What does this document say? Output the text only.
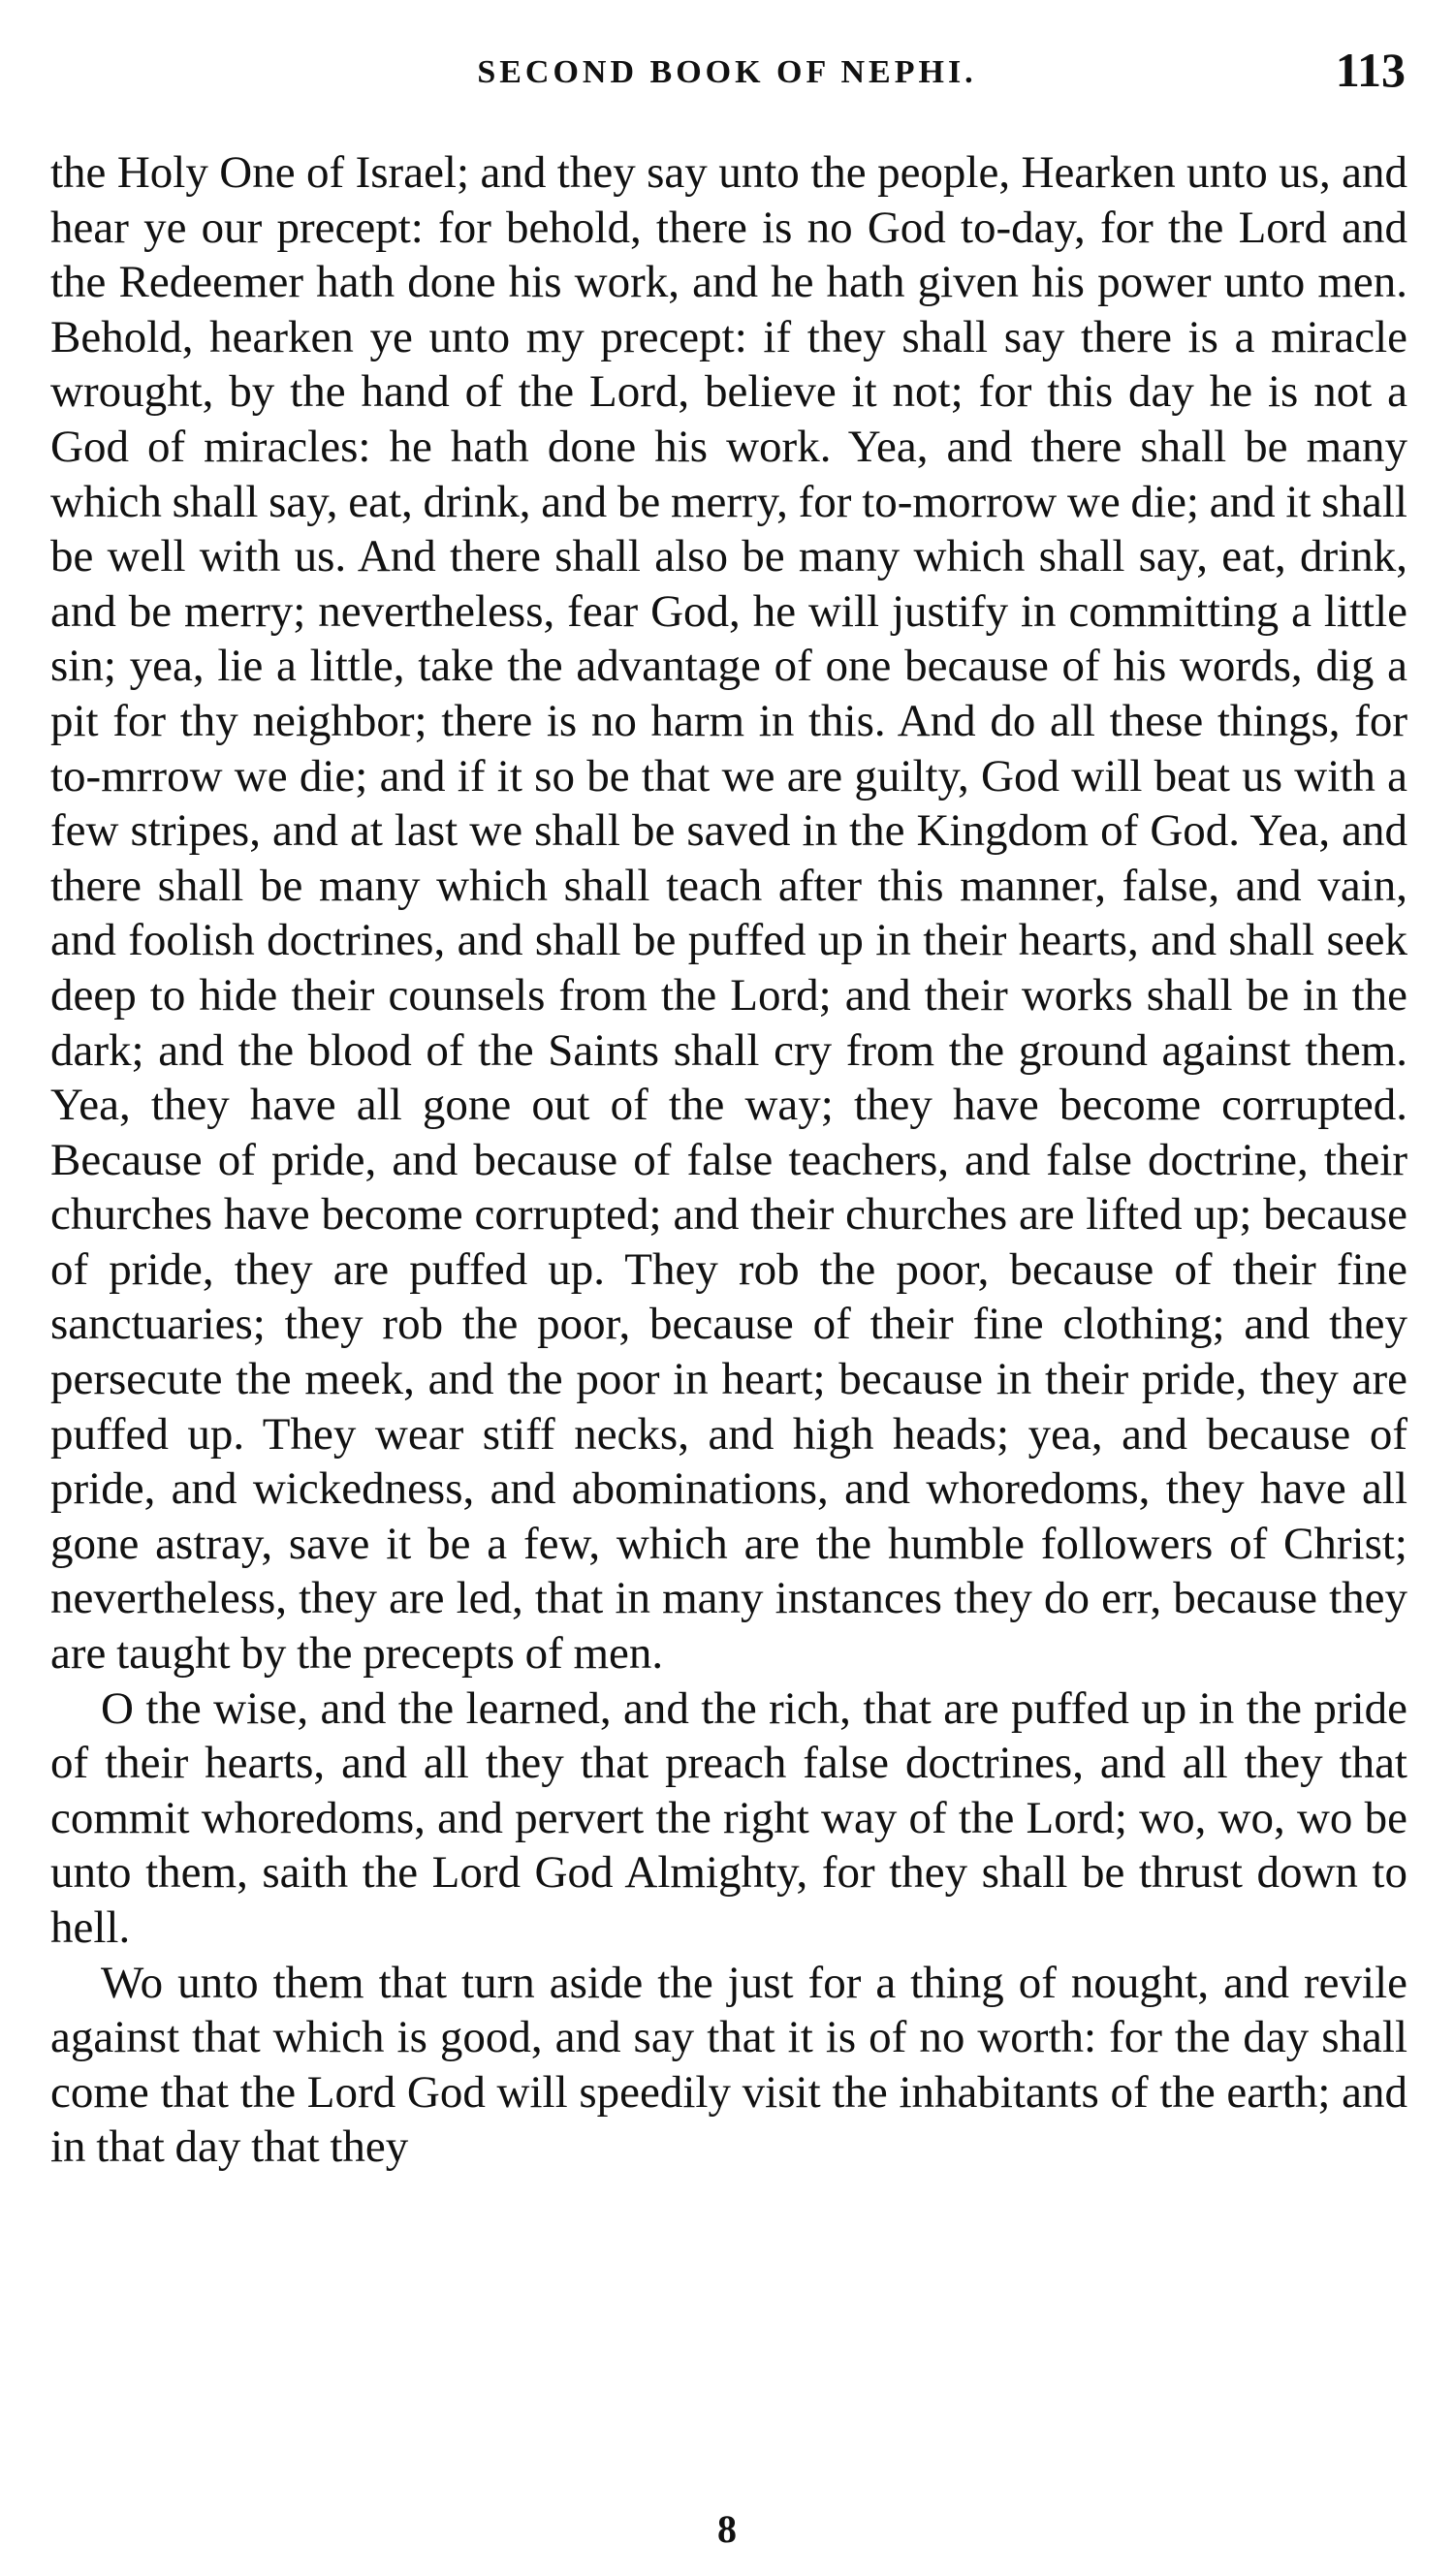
SECOND BOOK OF NEPHI.	113

the Holy One of Israel; and they say unto the people, Hearken unto us, and hear ye our precept: for behold, there is no God to-day, for the Lord and the Redeemer hath done his work, and he hath given his power unto men. Behold, hearken ye unto my precept: if they shall say there is a miracle wrought, by the hand of the Lord, believe it not; for this day he is not a God of miracles: he hath done his work. Yea, and there shall be many which shall say, eat, drink, and be merry, for to-morrow we die; and it shall be well with us. And there shall also be many which shall say, eat, drink, and be merry; nevertheless, fear God, he will justify in committing a little sin; yea, lie a little, take the advantage of one because of his words, dig a pit for thy neighbor; there is no harm in this. And do all these things, for to-mrrow we die; and if it so be that we are guilty, God will beat us with a few stripes, and at last we shall be saved in the Kingdom of God. Yea, and there shall be many which shall teach after this manner, false, and vain, and foolish doctrines, and shall be puffed up in their hearts, and shall seek deep to hide their counsels from the Lord; and their works shall be in the dark; and the blood of the Saints shall cry from the ground against them. Yea, they have all gone out of the way; they have become corrupted. Because of pride, and because of false teachers, and false doctrine, their churches have become corrupted; and their churches are lifted up; because of pride, they are puffed up. They rob the poor, because of their fine sanctuaries; they rob the poor, because of their fine clothing; and they persecute the meek, and the poor in heart; because in their pride, they are puffed up. They wear stiff necks, and high heads; yea, and because of pride, and wickedness, and abominations, and whoredoms, they have all gone astray, save it be a few, which are the humble followers of Christ; nevertheless, they are led, that in many instances they do err, because they are taught by the precepts of men.

O the wise, and the learned, and the rich, that are puffed up in the pride of their hearts, and all they that preach false doctrines, and all they that commit whoredoms, and pervert the right way of the Lord; wo, wo, wo be unto them, saith the Lord God Almighty, for they shall be thrust down to hell.

Wo unto them that turn aside the just for a thing of nought, and revile against that which is good, and say that it is of no worth: for the day shall come that the Lord God will speedily visit the inhabitants of the earth; and in that day that they

8
